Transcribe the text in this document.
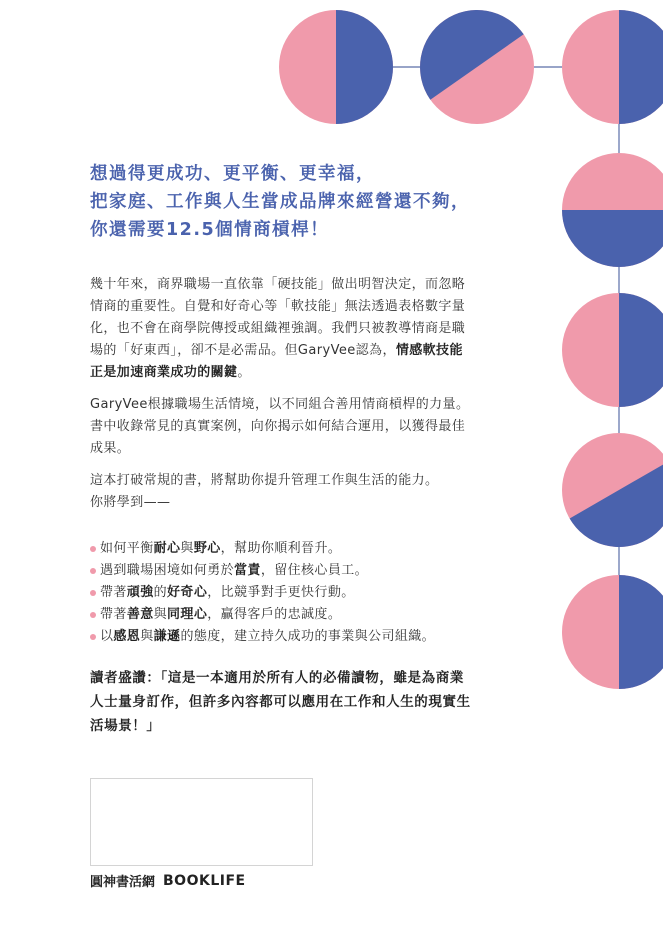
想過得更成功、更平衡、更幸福，
把家庭、工作與人生當成品牌來經營還不夠，
你還需要12.5個情商槓桿！

幾十年來，商界職場一直依靠「硬技能」做出明智決定，而忽略
情商的重要性。自覺和好奇心等「軟技能」無法透過表格數字量
化，也不會在商學院傳授或組織裡強調。我們只被教導情商是職
場的「好東西」，卻不是必需品。但GaryVee認為，情感軟技能
正是加速商業成功的關鍵。

GaryVee根據職場生活情境，以不同組合善用情商槓桿的力量。
書中收錄常見的真實案例，向你揭示如何結合運用，以獲得最佳
成果。

這本打破常規的書，將幫助你提升管理工作與生活的能力。
你將學到——

如何平衡耐心與野心，幫助你順利晉升。
遇到職場困境如何勇於當責，留住核心員工。
帶著頑強的好奇心，比競爭對手更快行動。
帶著善意與同理心，贏得客戶的忠誠度。
以感恩與謙遜的態度，建立持久成功的事業與公司組織。
讀者盛讚：「這是一本適用於所有人的必備讀物，雖是為商業
人士量身訂作，但許多內容都可以應用在工作和人生的現實生
活場景！」
圓神書活網 BOOKLIFE
